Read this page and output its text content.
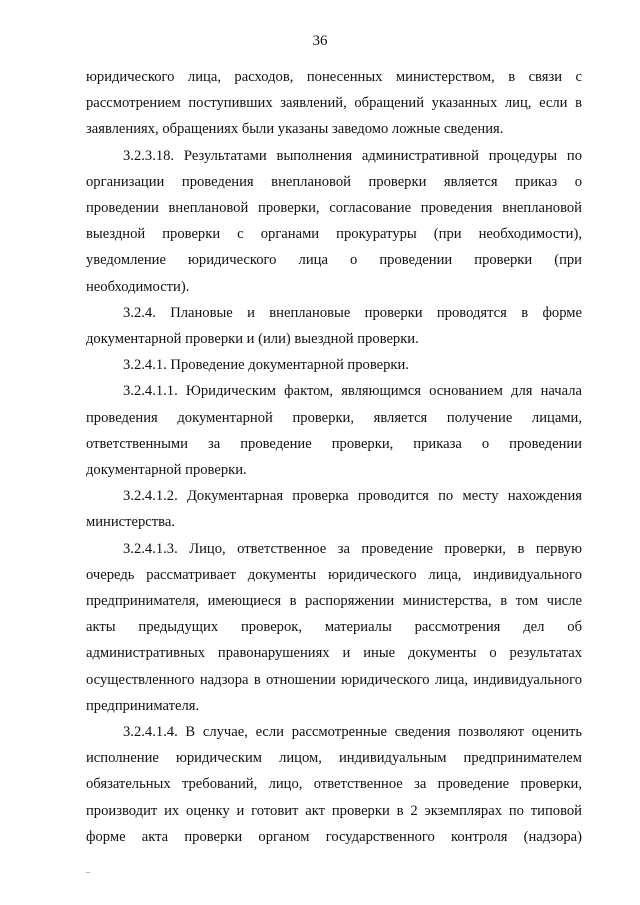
36

юридического лица, расходов, понесенных министерством, в связи с
рассмотрением поступивших заявлений, обращений указанных лиц, если в
заявлениях, обращениях были указаны заведомо ложные сведения.

3.2.3.18. Результатами выполнения административной процедуры по
организации проведения внеплановой проверки является приказ о
проведении внеплановой проверки, согласование проведения внеплановой
выездной проверки с органами прокуратуры (при необходимости),
уведомление юридического лица о проведении проверки (при
необходимости).

3.2.4. Плановые и внеплановые проверки проводятся в форме
документарной проверки и (или) выездной проверки.

3.2.4.1. Проведение документарной проверки.

3.2.4.1.1. Юридическим фактом, являющимся основанием для начала
проведения документарной проверки, является получение лицами,
ответственными за проведение проверки, приказа о проведении
документарной проверки.

3.2.4.1.2. Документарная проверка проводится по месту нахождения
министерства.

3.2.4.1.3. Лицо, ответственное за проведение проверки, в первую
очередь рассматривает документы юридического лица, индивидуального
предпринимателя, имеющиеся в распоряжении министерства, в том числе
акты предыдущих проверок, материалы рассмотрения дел об
административных правонарушениях и иные документы о результатах
осуществленного надзора в отношении юридического лица, индивидуального
предпринимателя.

3.2.4.1.4. В случае, если рассмотренные сведения позволяют оценить
исполнение юридическим лицом, индивидуальным предпринимателем
обязательных требований, лицо, ответственное за проведение проверки,
производит их оценку и готовит акт проверки в 2 экземплярах по типовой
форме акта проверки органом государственного контроля (надзора)
